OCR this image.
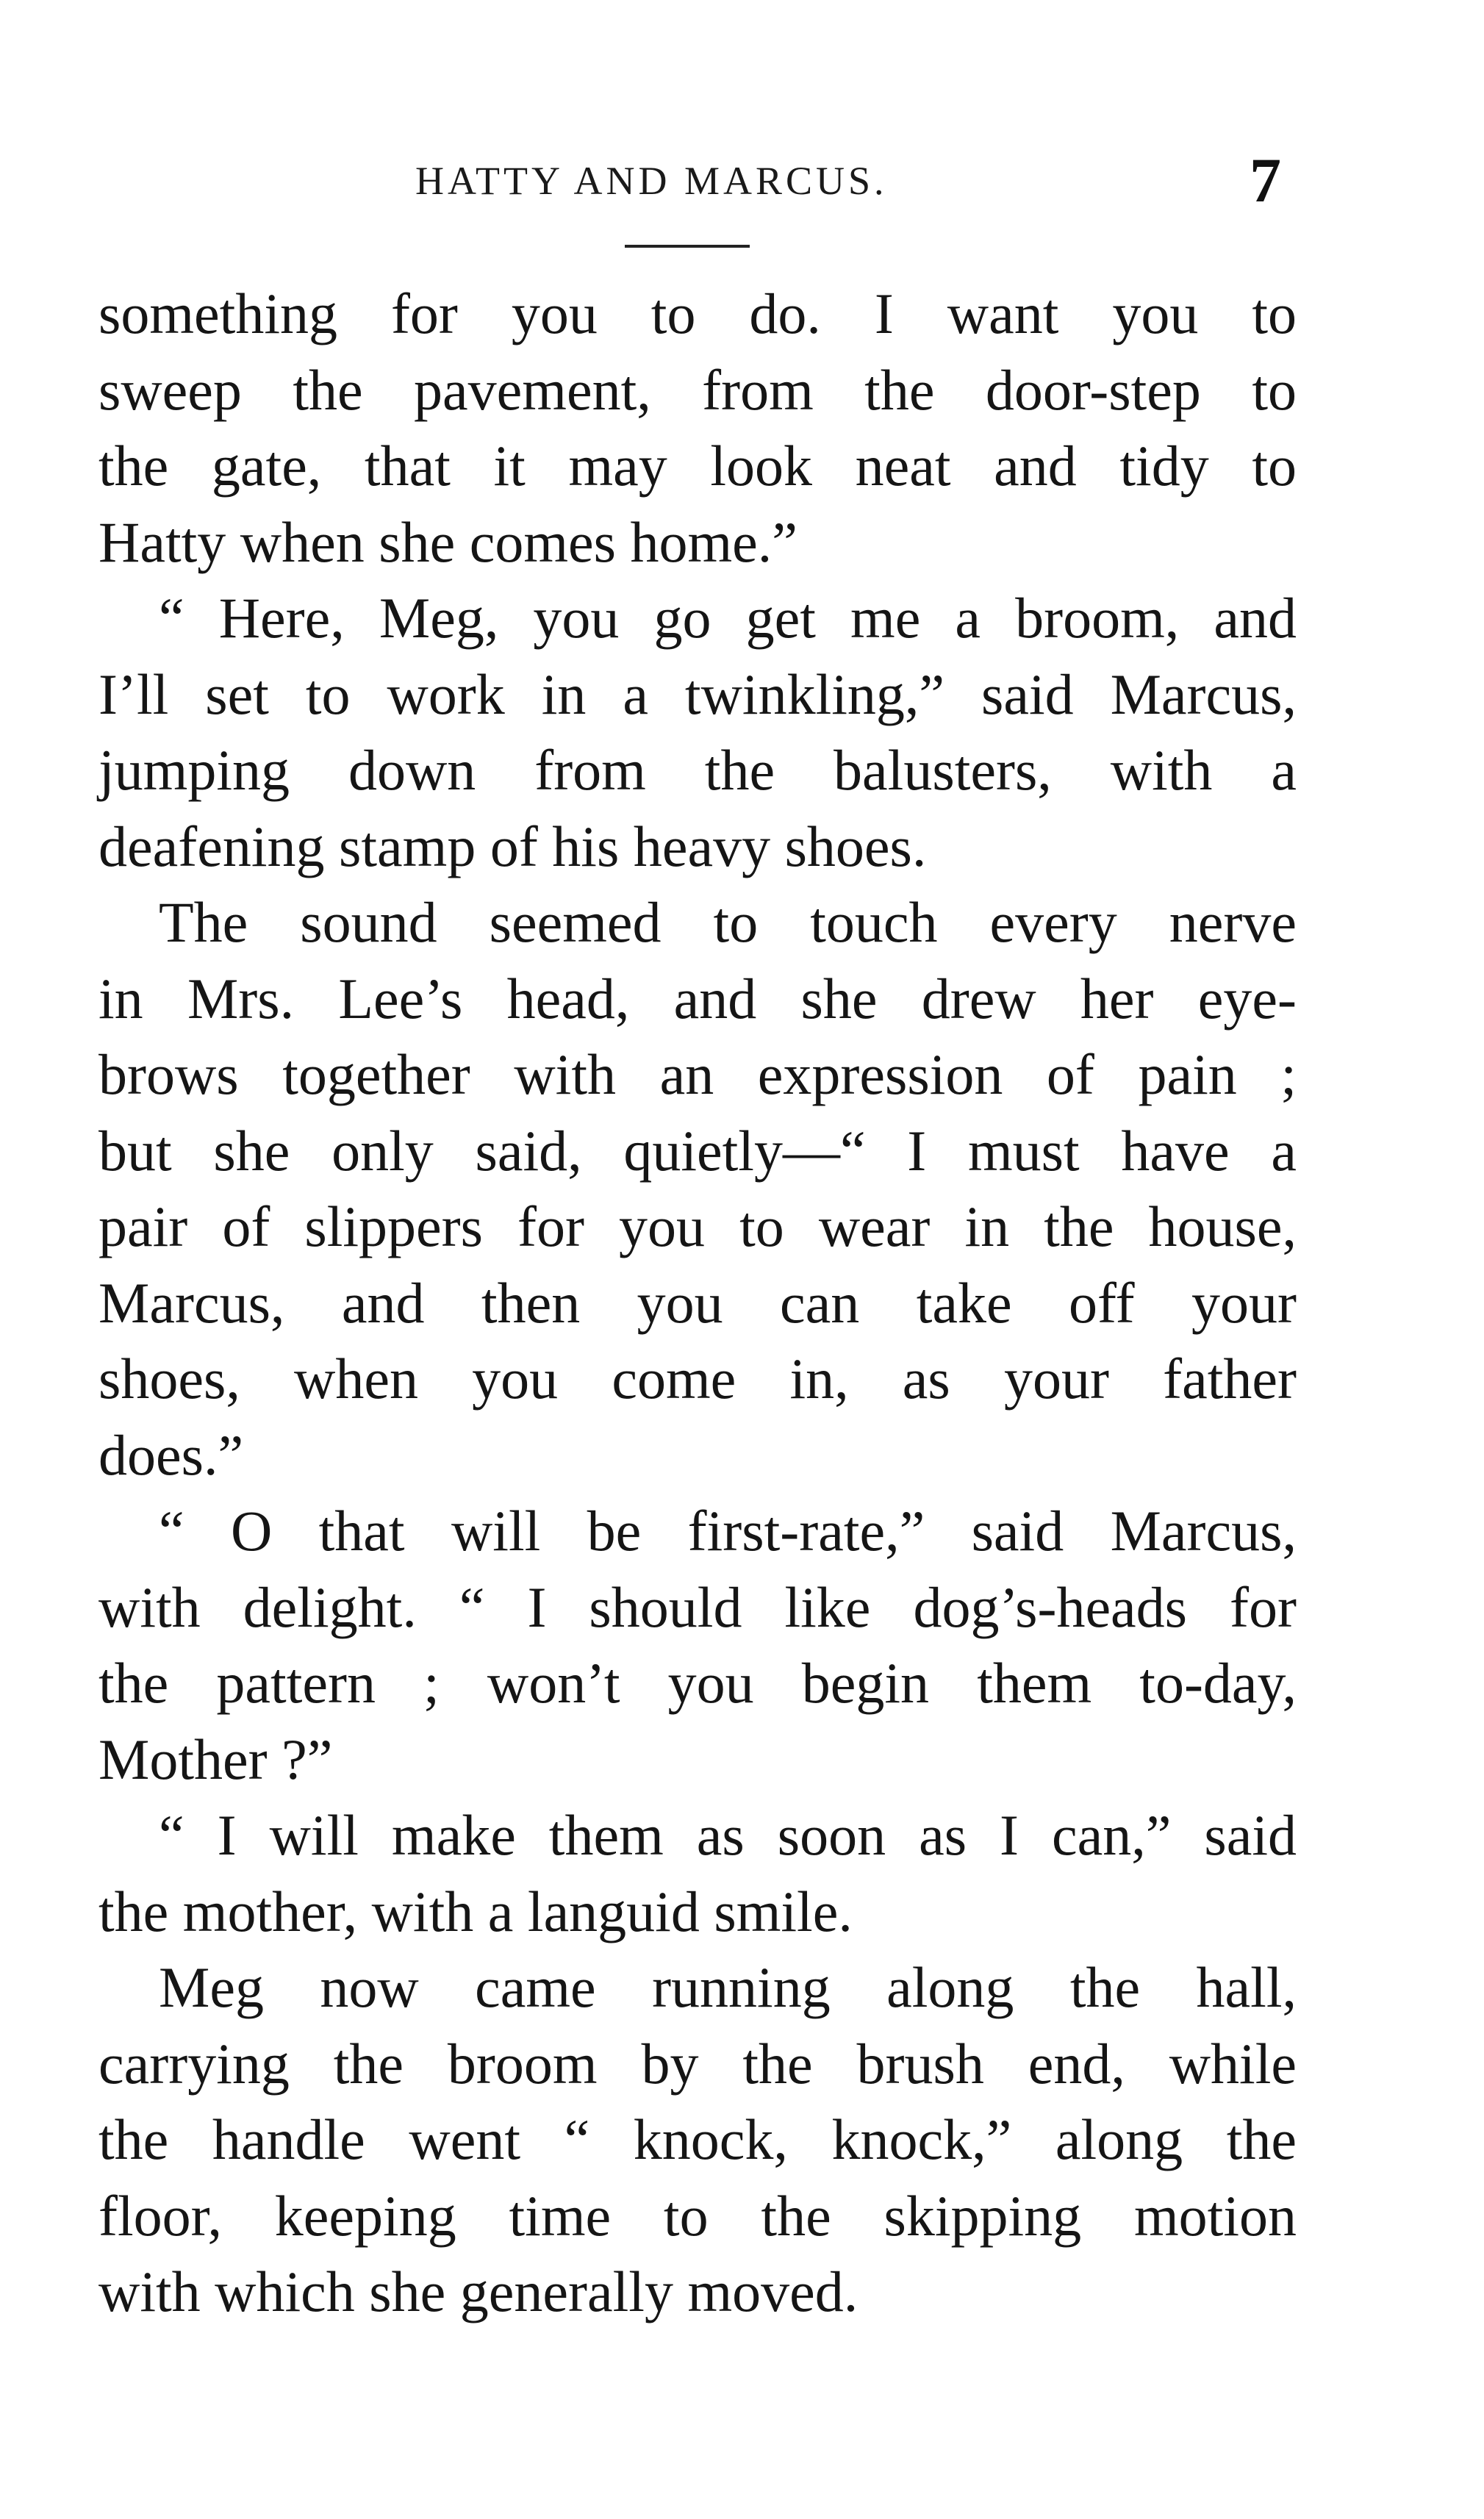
HATTY AND MARCUS.	7
something for you to do. I want you to
sweep the pavement, from the door-step to
the gate, that it may look neat and tidy to
Hatty when she comes home.”
“ Here, Meg, you go get me a broom, and
I’ll set to work in a twinkling,” said Marcus,
jumping down from the balusters, with a
deafening stamp of his heavy shoes.
The sound seemed to touch every nerve
in Mrs. Lee’s head, and she drew her eye-
brows together with an expression of pain ;
but she only said, quietly—“ I must have a
pair of slippers for you to wear in the house,
Marcus, and then you can take off your
shoes, when you come in, as your father
does.”
“ O that will be first-rate,” said Marcus,
with delight. “ I should like dog’s-heads for
the pattern ; won’t you begin them to-day,
Mother ?”
“ I will make them as soon as I can,” said
the mother, with a languid smile.
Meg now came running along the hall,
carrying the broom by the brush end, while
the handle went “ knock, knock,” along the
floor, keeping time to the skipping motion
with which she generally moved.
